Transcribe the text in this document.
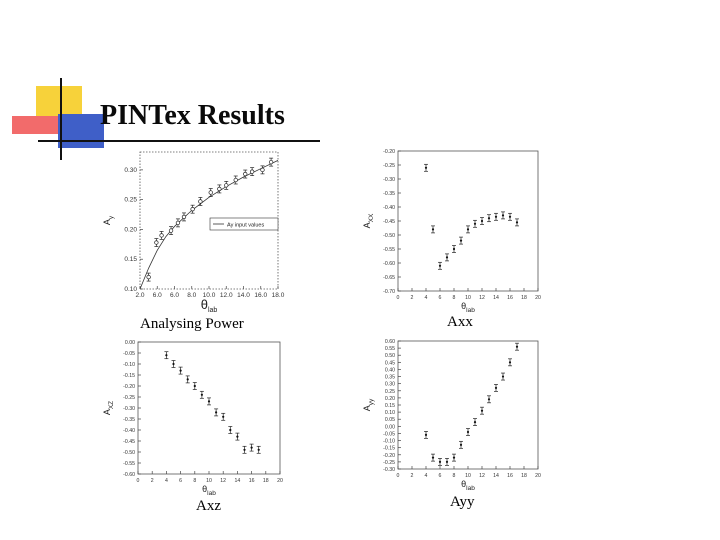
PINTex Results
2.0 6.0 6.0 8.0 10.0 12.0 14.0 16.0 18.0
0.10
0.15
0.20
0.25
0.30
$\theta_{lab}$
$A_y$
Ay input values
Analysing Power
0 2 4 6 8 10 12 14 16 18 20
-0.70
-0.65
-0.60
-0.55
-0.50
-0.45
-0.40
-0.35
-0.30
-0.25
-0.20
$\theta_{lab}$
$A_{XX}$
Axx
0 2 4 6 8 10 12 14 16 18 20
0.00
-0.05
-0.10
-0.15
-0.20
-0.25
-0.30
-0.35
-0.40
-0.45
-0.50
-0.55
-0.60
$\theta_{lab}$
$A_{XZ}$
Axz
0 2 4 6 8 10 12 14 16 18 20
-0.30
-0.25
-0.20
-0.15
-0.10
-0.05
0.00
0.05
0.10
0.15
0.20
0.25
0.30
0.35
0.40
0.45
0.50
0.55
0.60
$\theta_{lab}$
$A_{yy}$
Ayy
